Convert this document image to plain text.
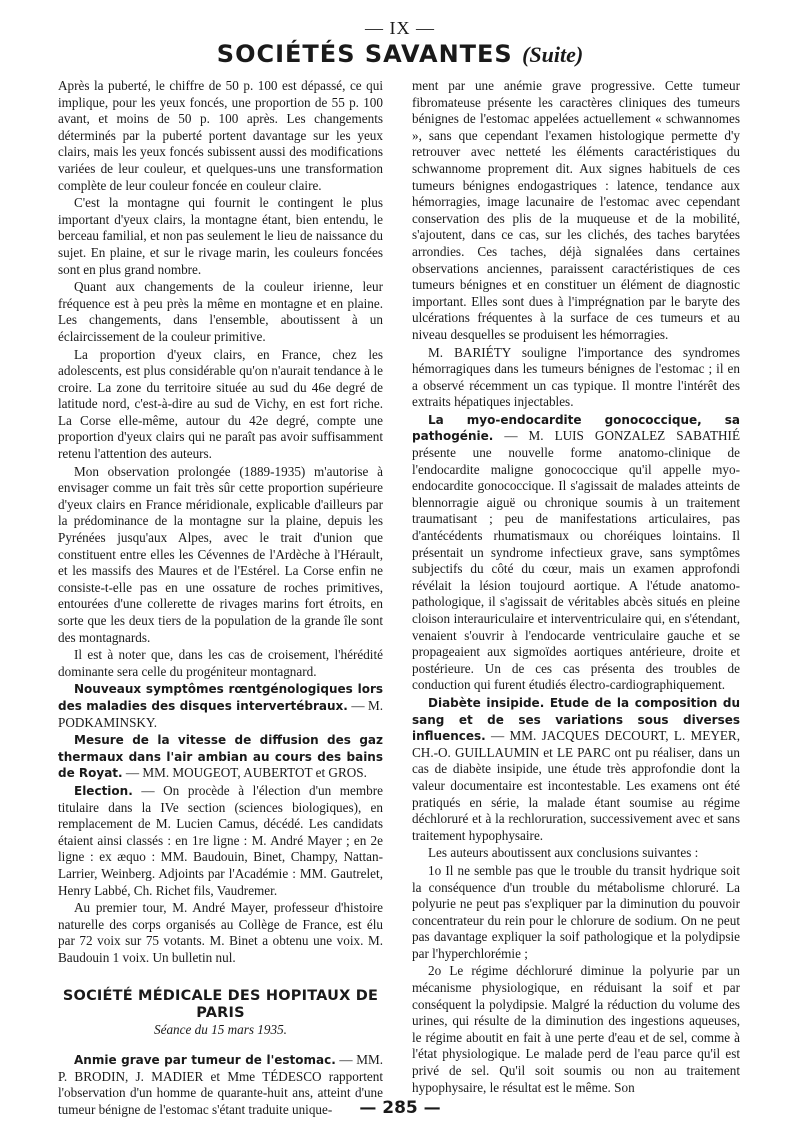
— IX —
SOCIÉTÉS SAVANTES (Suite)

Après la puberté, le chiffre de 50 p. 100 est dépassé, ce qui implique, pour les yeux foncés, une proportion de 55 p. 100 avant, et moins de 50 p. 100 après. Les changements déterminés par la puberté portent davantage sur les yeux clairs, mais les yeux foncés subissent aussi des modifications variées de leur couleur, et quelques-uns une transformation complète de leur couleur foncée en couleur claire.

C'est la montagne qui fournit le contingent le plus important d'yeux clairs, la montagne étant, bien entendu, le berceau familial, et non pas seulement le lieu de naissance du sujet. En plaine, et sur le rivage marin, les couleurs foncées sont en plus grand nombre.

Quant aux changements de la couleur irienne, leur fréquence est à peu près la même en montagne et en plaine. Les changements, dans l'ensemble, aboutissent à un éclaircissement de la couleur primitive.

La proportion d'yeux clairs, en France, chez les adolescents, est plus considérable qu'on n'aurait tendance à le croire. La zone du territoire située au sud du 46e degré de latitude nord, c'est-à-dire au sud de Vichy, en est fort riche. La Corse elle-même, autour du 42e degré, compte une proportion d'yeux clairs qui ne paraît pas avoir suffisamment retenu l'attention des auteurs.

Mon observation prolongée (1889-1935) m'autorise à envisager comme un fait très sûr cette proportion supérieure d'yeux clairs en France méridionale, explicable d'ailleurs par la prédominance de la montagne sur la plaine, depuis les Pyrénées jusqu'aux Alpes, avec le trait d'union que constituent entre elles les Cévennes de l'Ardèche à l'Hérault, et les massifs des Maures et de l'Estérel. La Corse enfin ne consiste-t-elle pas en une ossature de roches primitives, entourées d'une collerette de rivages marins fort étroits, en sorte que les deux tiers de la population de la grande île sont des montagnards.

Il est à noter que, dans les cas de croisement, l'hérédité dominante sera celle du progéniteur montagnard.

Nouveaux symptômes rœntgénologiques lors des maladies des disques intervertébraux. — M. PODKAMINSKY.

Mesure de la vitesse de diffusion des gaz thermaux dans l'air ambian au cours des bains de Royat. — MM. MOUGEOT, AUBERTOT et GROS.

Election. — On procède à l'élection d'un membre titulaire dans la IVe section (sciences biologiques), en remplacement de M. Lucien Camus, décédé. Les candidats étaient ainsi classés : en 1re ligne : M. André Mayer ; en 2e ligne : ex æquo : MM. Baudouin, Binet, Champy, Nattan-Larrier, Weinberg. Adjoints par l'Académie : MM. Gautrelet, Henry Labbé, Ch. Richet fils, Vaudremer.

Au premier tour, M. André Mayer, professeur d'histoire naturelle des corps organisés au Collège de France, est élu par 72 voix sur 75 votants. M. Binet a obtenu une voix. M. Baudouin 1 voix. Un bulletin nul.

SOCIÉTÉ MÉDICALE DES HOPITAUX DE PARIS
Séance du 15 mars 1935.

Anmie grave par tumeur de l'estomac. — MM. P. BRODIN, J. MADIER et Mme TÉDESCO rapportent l'observation d'un homme de quarante-huit ans, atteint d'une tumeur bénigne de l'estomac s'étant traduite unique-

ment par une anémie grave progressive. Cette tumeur fibromateuse présente les caractères cliniques des tumeurs bénignes de l'estomac appelées actuellement « schwannomes », sans que cependant l'examen histologique permette d'y retrouver avec netteté les éléments caractéristiques du schwannome proprement dit. Aux signes habituels de ces tumeurs bénignes endogastriques : latence, tendance aux hémorragies, image lacunaire de l'estomac avec cependant conservation des plis de la muqueuse et de la mobilité, s'ajoutent, dans ce cas, sur les clichés, des taches barytées arrondies. Ces taches, déjà signalées dans certaines observations anciennes, paraissent caractéristiques de ces tumeurs bénignes et en constituer un élément de diagnostic important. Elles sont dues à l'imprégnation par le baryte des ulcérations fréquentes à la surface de ces tumeurs et au niveau desquelles se produisent les hémorragies.

M. BARIÉTY souligne l'importance des syndromes hémorragiques dans les tumeurs bénignes de l'estomac ; il en a observé récemment un cas typique. Il montre l'intérêt des extraits hépatiques injectables.

La myo-endocardite gonococcique, sa pathogénie. — M. LUIS GONZALEZ SABATHIÉ présente une nouvelle forme anatomo-clinique de l'endocardite maligne gonococcique qu'il appelle myo-endocardite gonococcique. Il s'agissait de malades atteints de blennorragie aiguë ou chronique soumis à un traitement traumatisant ; peu de manifestations articulaires, pas d'antécédents rhumatismaux ou choréiques lointains. Il présentait un syndrome infectieux grave, sans symptômes subjectifs du côté du cœur, mais un examen approfondi révélait la lésion toujourd aortique. A l'étude anatomo-pathologique, il s'agissait de véritables abcès situés en pleine cloison interauriculaire et interventriculaire qui, en s'étendant, venaient s'ouvrir à l'endocarde ventriculaire gauche et se propageaient aux sigmoïdes aortiques antérieure, droite et postérieure. Un de ces cas présenta des troubles de conduction qui furent étudiés électro-cardiographiquement.

Diabète insipide. Etude de la composition du sang et de ses variations sous diverses influences. — MM. JACQUES DECOURT, L. MEYER, CH.-O. GUILLAUMIN et LE PARC ont pu réaliser, dans un cas de diabète insipide, une étude très approfondie dont la valeur documentaire est incontestable. Les examens ont été pratiqués en série, la malade étant soumise au régime déchloruré et à la rechloruration, successivement avec et sans traitement hypophysaire.

Les auteurs aboutissent aux conclusions suivantes :

1o Il ne semble pas que le trouble du transit hydrique soit la conséquence d'un trouble du métabolisme chloruré. La polyurie ne peut pas s'expliquer par la diminution du pouvoir concentrateur du rein pour le chlorure de sodium. On ne peut pas davantage expliquer la soif pathologique et la polydipsie par l'hyperchlorémie ;

2o Le régime déchloruré diminue la polyurie par un mécanisme physiologique, en réduisant la soif et par conséquent la polydipsie. Malgré la réduction du volume des urines, qui résulte de la diminution des ingestions aqueuses, le régime aboutit en fait à une perte d'eau et de sel, comme à l'état physiologique. Le malade perd de l'eau parce qu'il est privé de sel. Qu'il soit soumis ou non au traitement hypophysaire, le résultat est le même. Son

— 285 —
